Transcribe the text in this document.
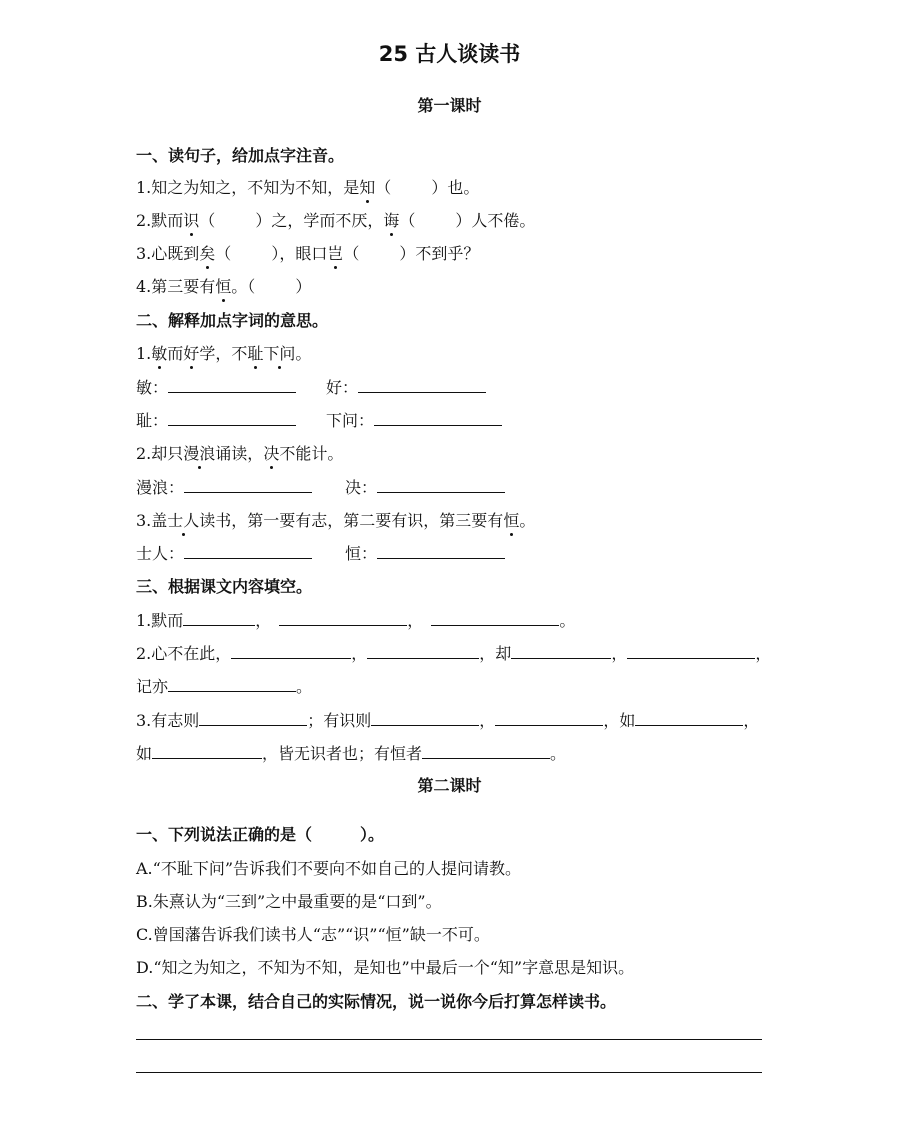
25 古人谈读书
第一课时
一、读句子，给加点字注音。
1.知之为知之，不知为不知，是知（	）也。
2.默而识（	）之，学而不厌，诲（	）人不倦。
3.心既到矣（	），眼口岂（	）不到乎？
4.第三要有恒。（	）
二、解释加点字词的意思。
1.敏而好学，不耻下问。
敏：	好：
耻：	下问：
2.却只漫浪诵读，决不能计。
漫浪：	决：
3.盖士人读书，第一要有志，第二要有识，第三要有恒。
士人：	恒：
三、根据课文内容填空。
1.默而	，	，	。
2.心不在此，	，	，却	，	，
记亦	。
3.有志则	；有识则	，	，如	，
如	，皆无识者也；有恒者	。
第二课时
一、下列说法正确的是（　　　）。
A.“不耻下问”告诉我们不要向不如自己的人提问请教。
B.朱熹认为“三到”之中最重要的是“口到”。
C.曾国藩告诉我们读书人“志”“识”“恒”缺一不可。
D.“知之为知之，不知为不知，是知也”中最后一个“知”字意思是知识。
二、学了本课，结合自己的实际情况，说一说你今后打算怎样读书。
